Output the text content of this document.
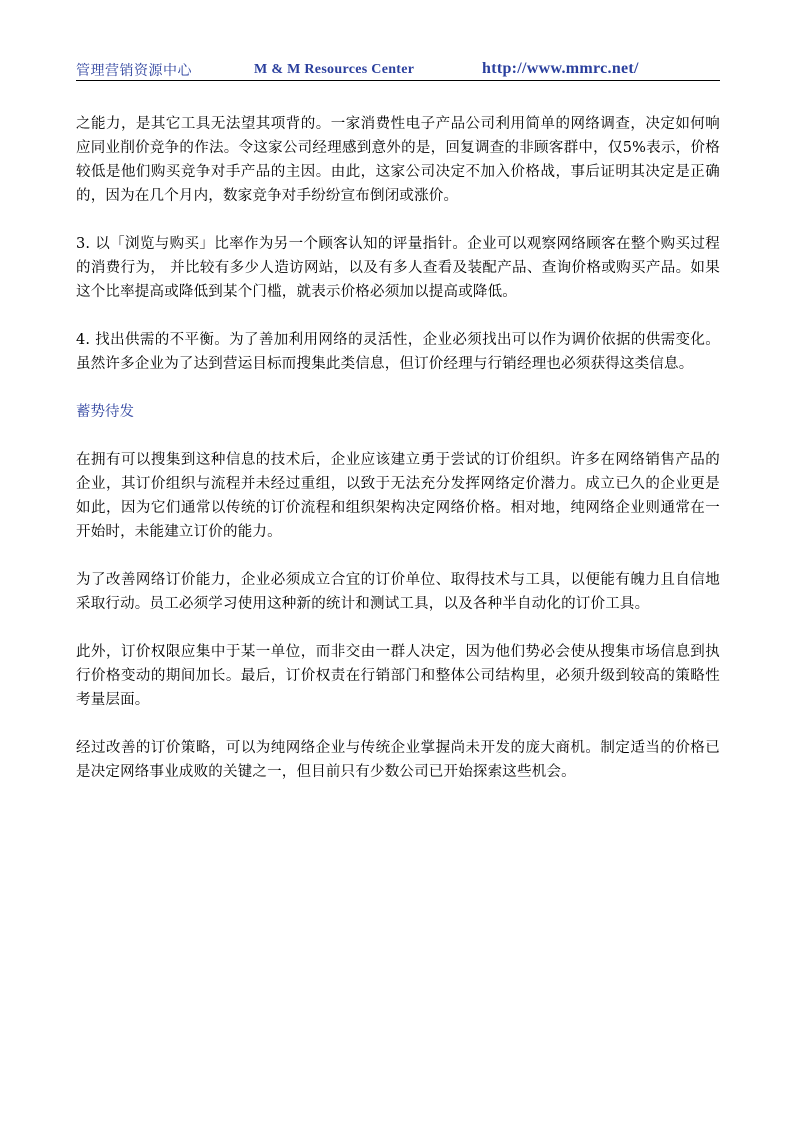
管理营销资源中心	M & M Resources Center	http://www.mmrc.net/

之能力，是其它工具无法望其项背的。一家消费性电子产品公司利用简单的网络调查，决定如何响应同业削价竞争的作法。令这家公司经理感到意外的是，回复调查的非顾客群中，仅5%表示，价格较低是他们购买竞争对手产品的主因。由此，这家公司决定不加入价格战，事后证明其决定是正确的，因为在几个月内，数家竞争对手纷纷宣布倒闭或涨价。

3. 以「浏览与购买」比率作为另一个顾客认知的评量指针。企业可以观察网络顾客在整个购买过程的消费行为， 并比较有多少人造访网站，以及有多人查看及装配产品、查询价格或购买产品。如果这个比率提高或降低到某个门槛，就表示价格必须加以提高或降低。

4. 找出供需的不平衡。为了善加利用网络的灵活性，企业必须找出可以作为调价依据的供需变化。虽然许多企业为了达到营运目标而搜集此类信息，但订价经理与行销经理也必须获得这类信息。

蓄势待发

在拥有可以搜集到这种信息的技术后，企业应该建立勇于尝试的订价组织。许多在网络销售产品的企业，其订价组织与流程并未经过重组，以致于无法充分发挥网络定价潜力。成立已久的企业更是如此，因为它们通常以传统的订价流程和组织架构决定网络价格。相对地，纯网络企业则通常在一开始时，未能建立订价的能力。

为了改善网络订价能力，企业必须成立合宜的订价单位、取得技术与工具，以便能有魄力且自信地采取行动。员工必须学习使用这种新的统计和测试工具，以及各种半自动化的订价工具。

此外，订价权限应集中于某一单位，而非交由一群人决定，因为他们势必会使从搜集市场信息到执行价格变动的期间加长。最后，订价权责在行销部门和整体公司结构里，必须升级到较高的策略性考量层面。

经过改善的订价策略，可以为纯网络企业与传统企业掌握尚未开发的庞大商机。制定适当的价格已是决定网络事业成败的关键之一，但目前只有少数公司已开始探索这些机会。
